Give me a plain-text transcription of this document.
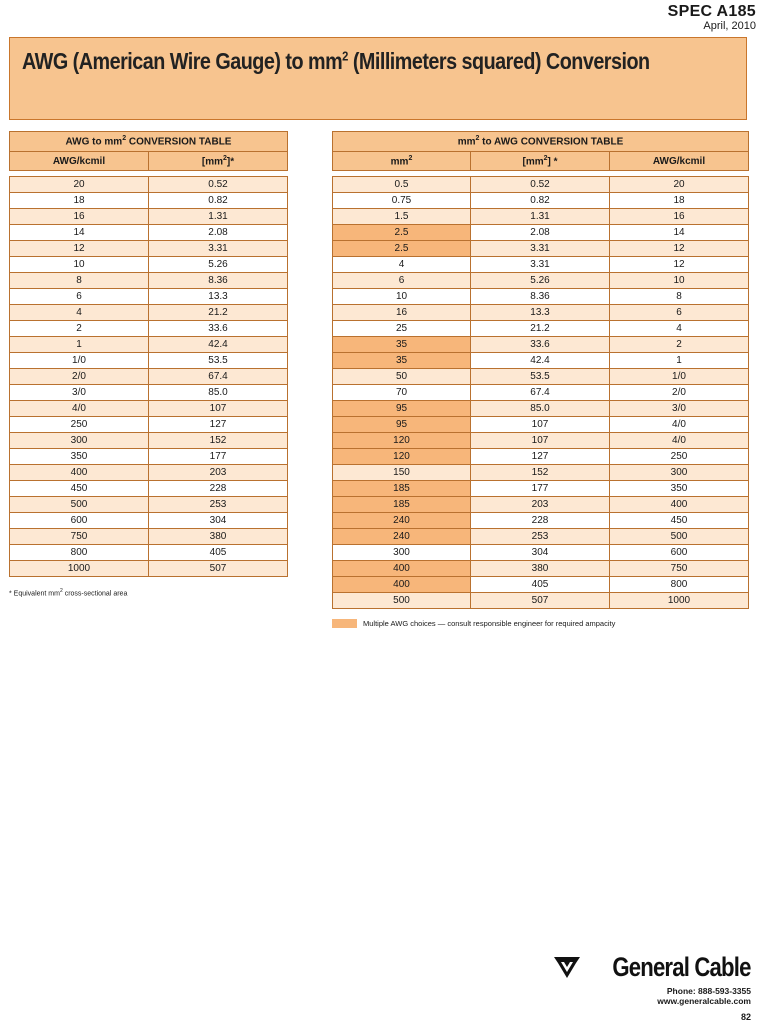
SPEC A185
April, 2010
AWG (American Wire Gauge) to $mm^2$ (Millimeters squared) Conversion
AWG to $mm^2$ CONVERSION TABLE	
AWG/kcmil	$[mm^2]*$

20	0.52
18	0.82
16	1.31
14	2.08
12	3.31
10	5.26
8	8.36
6	13.3
4	21.2
2	33.6
1	42.4
1/0	53.5
2/0	67.4
3/0	85.0
4/0	107
250	127
300	152
350	177
400	203
450	228
500	253
600	304
750	380
800	405
1000	507
$mm^2$ to AWG CONVERSION TABLE		
$mm^2$	$[mm^2]$ *	AWG/kcmil

0.5	0.52	20
0.75	0.82	18
1.5	1.31	16
2.5	2.08	14
2.5	3.31	12
4	3.31	12
6	5.26	10
10	8.36	8
16	13.3	6
25	21.2	4
35	33.6	2
35	42.4	1
50	53.5	1/0
70	67.4	2/0
95	85.0	3/0
95	107	4/0
120	107	4/0
120	127	250
150	152	300
185	177	350
185	203	400
240	228	450
240	253	500
300	304	600
400	380	750
400	405	800
500	507	1000
* Equivalent $mm^2$ cross-sectional area
Multiple AWG choices — consult responsible engineer for required ampacity
General Cable
Phone: 888-593-3355
www.generalcable.com
82
